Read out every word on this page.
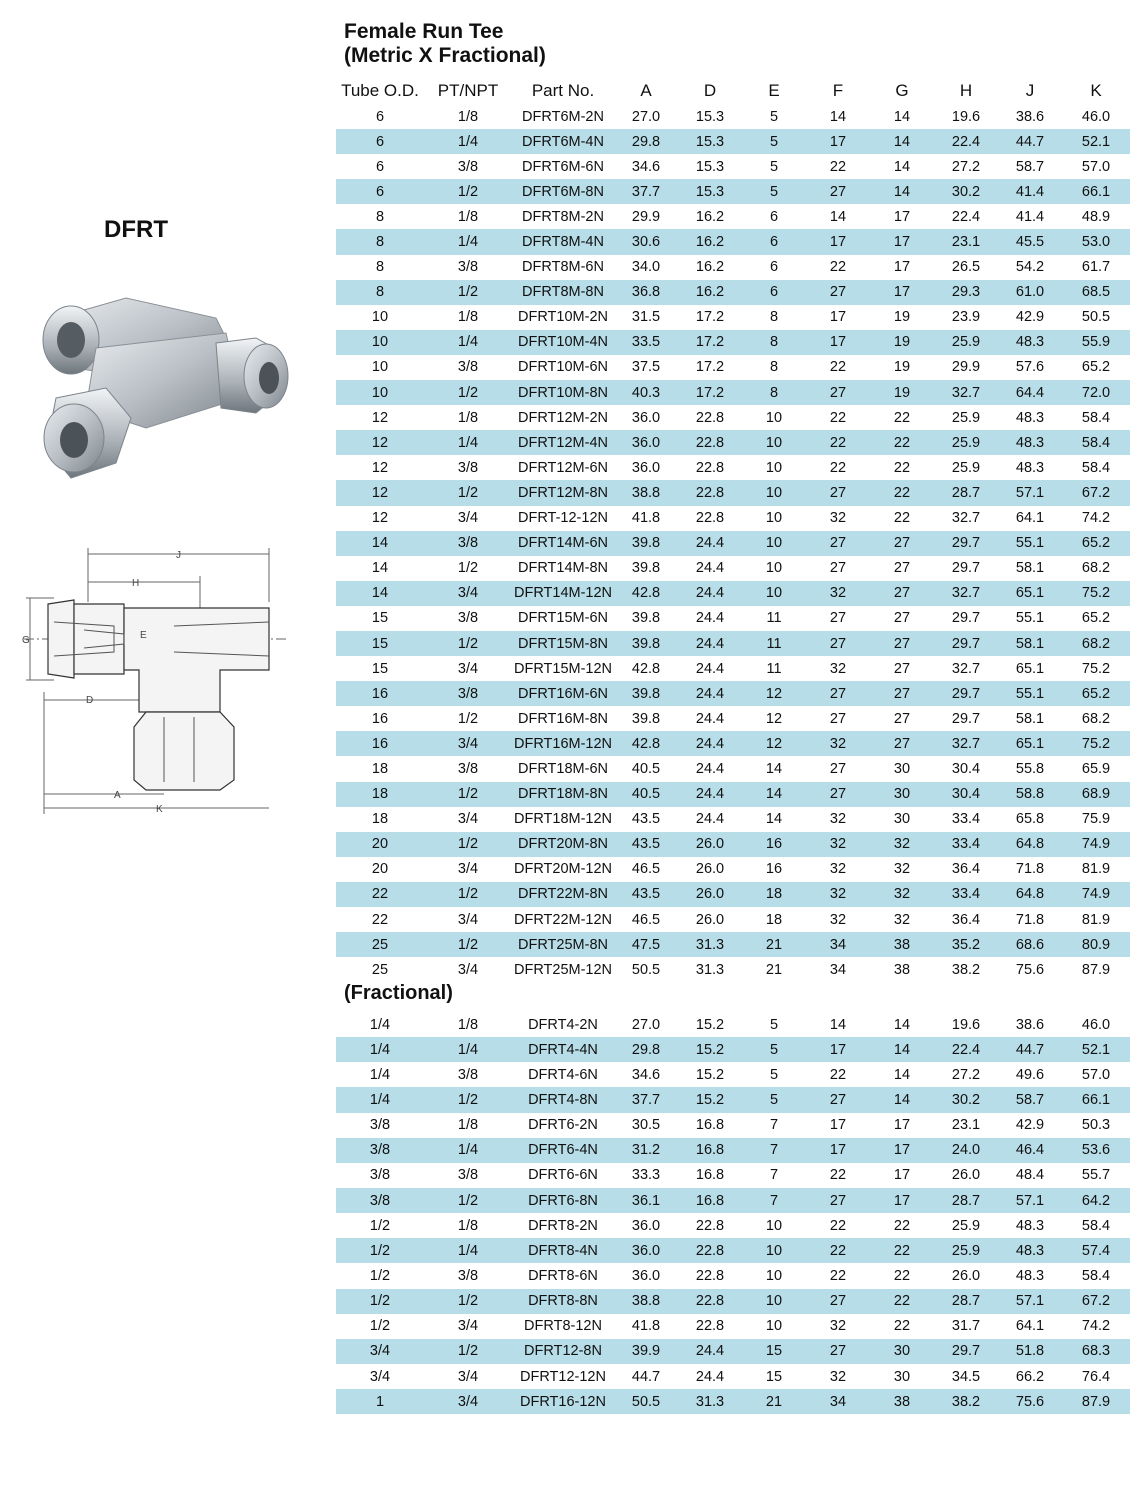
Female Run Tee
(Metric X Fractional)
DFRT
J
H
G	E
D
A
K
Tube O.D.	PT/NPT	Part No.	A	D	E	F	G	H	J	K
6	1/8	DFRT6M-2N	27.0	15.3	5	14	14	19.6	38.6	46.0
6	1/4	DFRT6M-4N	29.8	15.3	5	17	14	22.4	44.7	52.1
6	3/8	DFRT6M-6N	34.6	15.3	5	22	14	27.2	58.7	57.0
6	1/2	DFRT6M-8N	37.7	15.3	5	27	14	30.2	41.4	66.1
8	1/8	DFRT8M-2N	29.9	16.2	6	14	17	22.4	41.4	48.9
8	1/4	DFRT8M-4N	30.6	16.2	6	17	17	23.1	45.5	53.0
8	3/8	DFRT8M-6N	34.0	16.2	6	22	17	26.5	54.2	61.7
8	1/2	DFRT8M-8N	36.8	16.2	6	27	17	29.3	61.0	68.5
10	1/8	DFRT10M-2N	31.5	17.2	8	17	19	23.9	42.9	50.5
10	1/4	DFRT10M-4N	33.5	17.2	8	17	19	25.9	48.3	55.9
10	3/8	DFRT10M-6N	37.5	17.2	8	22	19	29.9	57.6	65.2
10	1/2	DFRT10M-8N	40.3	17.2	8	27	19	32.7	64.4	72.0
12	1/8	DFRT12M-2N	36.0	22.8	10	22	22	25.9	48.3	58.4
12	1/4	DFRT12M-4N	36.0	22.8	10	22	22	25.9	48.3	58.4
12	3/8	DFRT12M-6N	36.0	22.8	10	22	22	25.9	48.3	58.4
12	1/2	DFRT12M-8N	38.8	22.8	10	27	22	28.7	57.1	67.2
12	3/4	DFRT-12-12N	41.8	22.8	10	32	22	32.7	64.1	74.2
14	3/8	DFRT14M-6N	39.8	24.4	10	27	27	29.7	55.1	65.2
14	1/2	DFRT14M-8N	39.8	24.4	10	27	27	29.7	58.1	68.2
14	3/4	DFRT14M-12N	42.8	24.4	10	32	27	32.7	65.1	75.2
15	3/8	DFRT15M-6N	39.8	24.4	11	27	27	29.7	55.1	65.2
15	1/2	DFRT15M-8N	39.8	24.4	11	27	27	29.7	58.1	68.2
15	3/4	DFRT15M-12N	42.8	24.4	11	32	27	32.7	65.1	75.2
16	3/8	DFRT16M-6N	39.8	24.4	12	27	27	29.7	55.1	65.2
16	1/2	DFRT16M-8N	39.8	24.4	12	27	27	29.7	58.1	68.2
16	3/4	DFRT16M-12N	42.8	24.4	12	32	27	32.7	65.1	75.2
18	3/8	DFRT18M-6N	40.5	24.4	14	27	30	30.4	55.8	65.9
18	1/2	DFRT18M-8N	40.5	24.4	14	27	30	30.4	58.8	68.9
18	3/4	DFRT18M-12N	43.5	24.4	14	32	30	33.4	65.8	75.9
20	1/2	DFRT20M-8N	43.5	26.0	16	32	32	33.4	64.8	74.9
20	3/4	DFRT20M-12N	46.5	26.0	16	32	32	36.4	71.8	81.9
22	1/2	DFRT22M-8N	43.5	26.0	18	32	32	33.4	64.8	74.9
22	3/4	DFRT22M-12N	46.5	26.0	18	32	32	36.4	71.8	81.9
25	1/2	DFRT25M-8N	47.5	31.3	21	34	38	35.2	68.6	80.9
25	3/4	DFRT25M-12N	50.5	31.3	21	34	38	38.2	75.6	87.9
(Fractional)
1/4	1/8	DFRT4-2N	27.0	15.2	5	14	14	19.6	38.6	46.0
1/4	1/4	DFRT4-4N	29.8	15.2	5	17	14	22.4	44.7	52.1
1/4	3/8	DFRT4-6N	34.6	15.2	5	22	14	27.2	49.6	57.0
1/4	1/2	DFRT4-8N	37.7	15.2	5	27	14	30.2	58.7	66.1
3/8	1/8	DFRT6-2N	30.5	16.8	7	17	17	23.1	42.9	50.3
3/8	1/4	DFRT6-4N	31.2	16.8	7	17	17	24.0	46.4	53.6
3/8	3/8	DFRT6-6N	33.3	16.8	7	22	17	26.0	48.4	55.7
3/8	1/2	DFRT6-8N	36.1	16.8	7	27	17	28.7	57.1	64.2
1/2	1/8	DFRT8-2N	36.0	22.8	10	22	22	25.9	48.3	58.4
1/2	1/4	DFRT8-4N	36.0	22.8	10	22	22	25.9	48.3	57.4
1/2	3/8	DFRT8-6N	36.0	22.8	10	22	22	26.0	48.3	58.4
1/2	1/2	DFRT8-8N	38.8	22.8	10	27	22	28.7	57.1	67.2
1/2	3/4	DFRT8-12N	41.8	22.8	10	32	22	31.7	64.1	74.2
3/4	1/2	DFRT12-8N	39.9	24.4	15	27	30	29.7	51.8	68.3
3/4	3/4	DFRT12-12N	44.7	24.4	15	32	30	34.5	66.2	76.4
1	3/4	DFRT16-12N	50.5	31.3	21	34	38	38.2	75.6	87.9
